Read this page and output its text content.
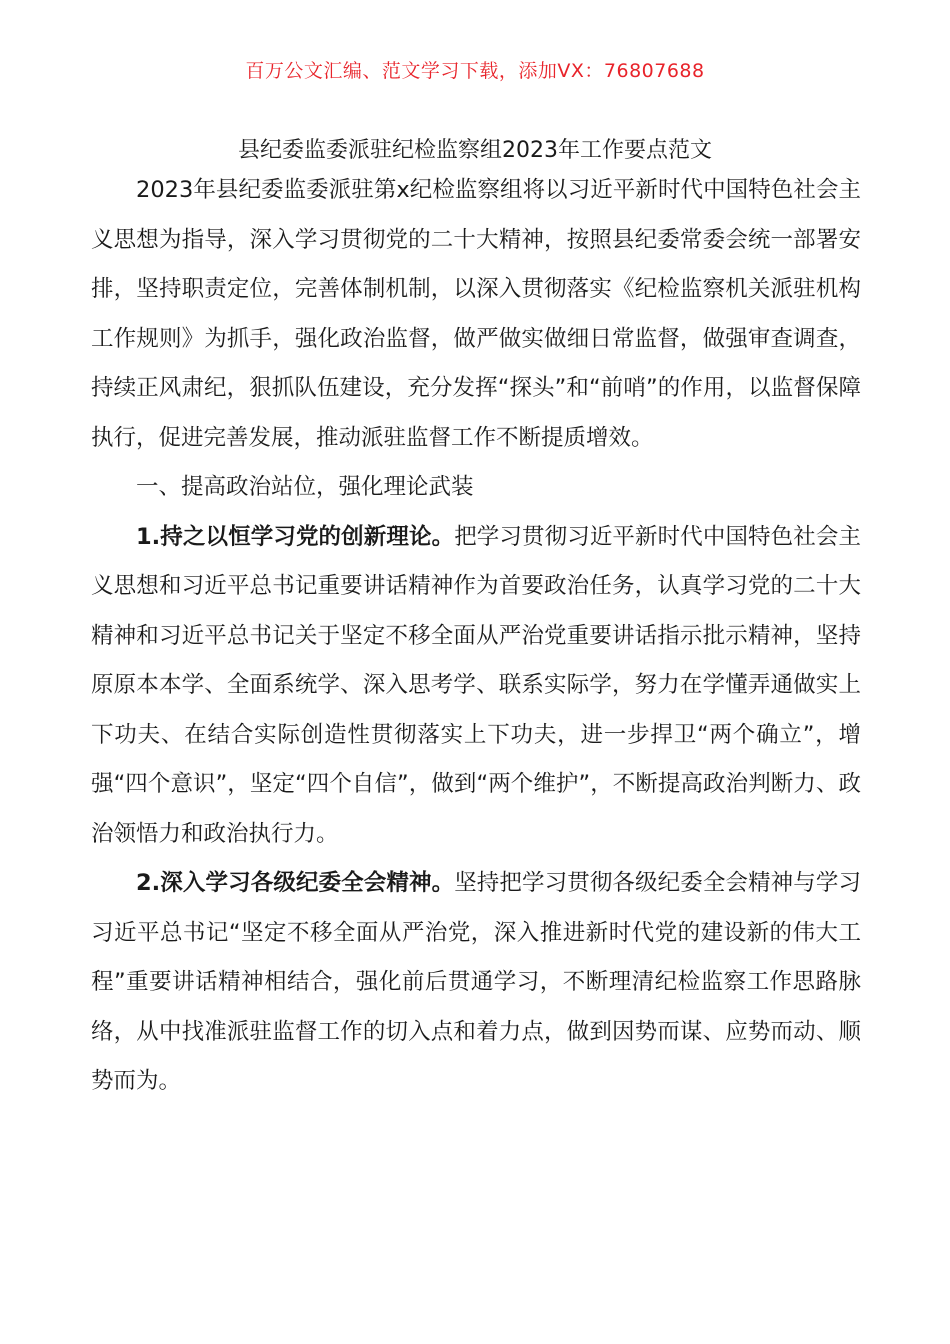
百万公文汇编、范文学习下载，添加VX：76807688
县纪委监委派驻纪检监察组2023年工作要点范文

2023年县纪委监委派驻第x纪检监察组将以习近平新时代中国特色社会主义思想为指导，深入学习贯彻党的二十大精神，按照县纪委常委会统一部署安排，坚持职责定位，完善体制机制，以深入贯彻落实《纪检监察机关派驻机构工作规则》为抓手，强化政治监督，做严做实做细日常监督，做强审查调查，持续正风肃纪，狠抓队伍建设，充分发挥“探头”和“前哨”的作用，以监督保障执行，促进完善发展，推动派驻监督工作不断提质增效。

一、提高政治站位，强化理论武装

1.持之以恒学习党的创新理论。把学习贯彻习近平新时代中国特色社会主义思想和习近平总书记重要讲话精神作为首要政治任务，认真学习党的二十大精神和习近平总书记关于坚定不移全面从严治党重要讲话指示批示精神，坚持原原本本学、全面系统学、深入思考学、联系实际学，努力在学懂弄通做实上下功夫、在结合实际创造性贯彻落实上下功夫，进一步捍卫“两个确立”，增强“四个意识”，坚定“四个自信”，做到“两个维护”，不断提高政治判断力、政治领悟力和政治执行力。

2.深入学习各级纪委全会精神。坚持把学习贯彻各级纪委全会精神与学习习近平总书记“坚定不移全面从严治党，深入推进新时代党的建设新的伟大工程”重要讲话精神相结合，强化前后贯通学习，不断理清纪检监察工作思路脉络，从中找准派驻监督工作的切入点和着力点，做到因势而谋、应势而动、顺势而为。
